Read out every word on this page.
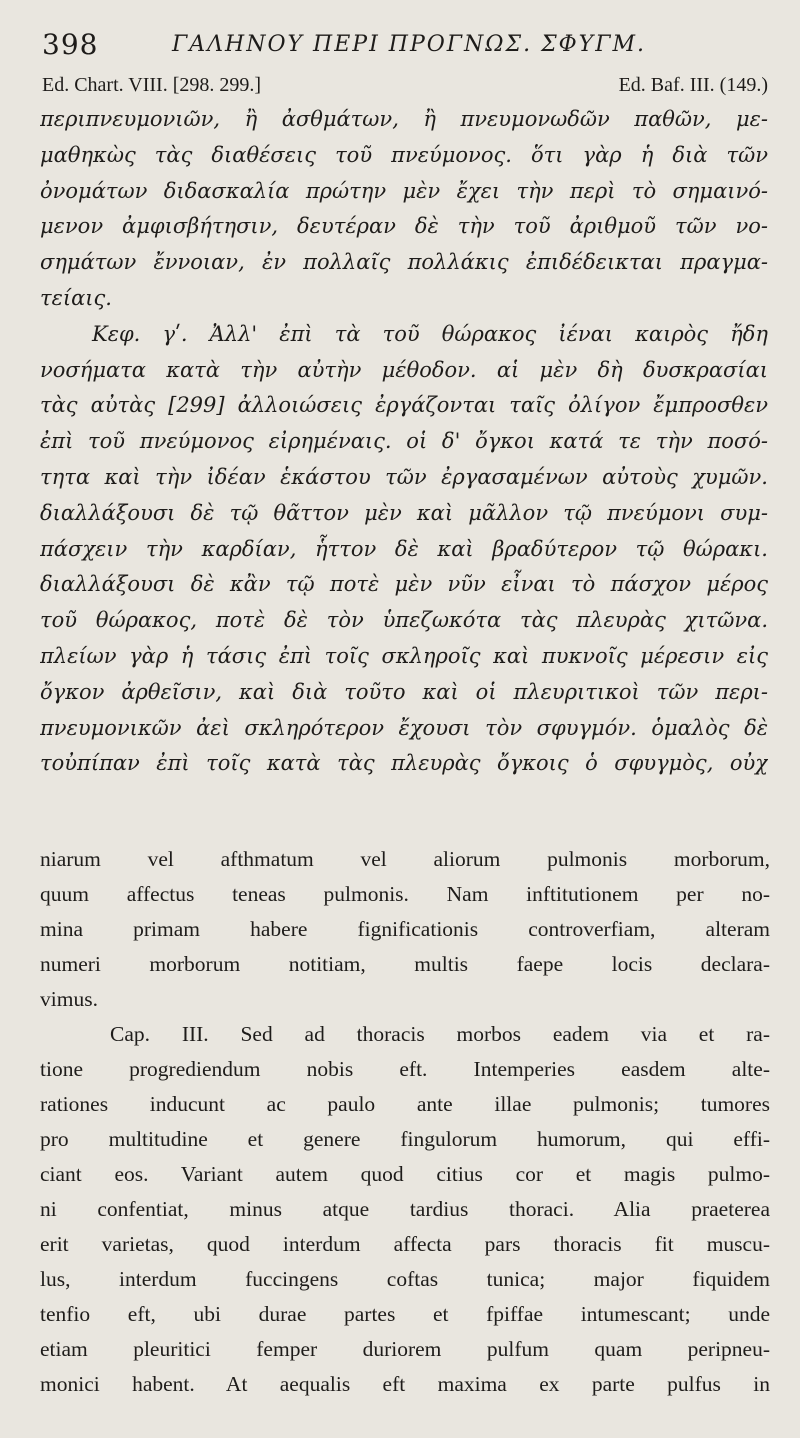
398	ΓΑΛΗΝΟΥ ΠΕΡΙ ΠΡΟΓΝΩΣ. ΣΦΥΓΜ.
Ed. Chart. VIII. [298. 299.]	Ed. Baf. III. (149.)
περιπνευμονιῶν, ἢ ἀσθμάτων, ἢ πνευμονωδῶν παθῶν, με-
μαθηκὼς τὰς διαθέσεις τοῦ πνεύμονος. ὅτι γὰρ ἡ διὰ τῶν
ὀνομάτων διδασκαλία πρώτην μὲν ἔχει τὴν περὶ τὸ σημαινό-
μενον ἀμφισβήτησιν, δευτέραν δὲ τὴν τοῦ ἀριθμοῦ τῶν νο-
σημάτων ἔννοιαν, ἐν πολλαῖς πολλάκις ἐπιδέδεικται πραγμα-
τείαις.
Κεφ. γʹ. Ἀλλ' ἐπὶ τὰ τοῦ θώρακος ἰέναι καιρὸς ἤδη
νοσήματα κατὰ τὴν αὐτὴν μέθοδον. αἱ μὲν δὴ δυσκρασίαι
τὰς αὐτὰς [299] ἀλλοιώσεις ἐργάζονται ταῖς ὀλίγον ἔμπροσθεν
ἐπὶ τοῦ πνεύμονος εἰρημέναις. οἱ δ' ὄγκοι κατά τε τὴν ποσό-
τητα καὶ τὴν ἰδέαν ἑκάστου τῶν ἐργασαμένων αὐτοὺς χυμῶν.
διαλλάξουσι δὲ τῷ θᾶττον μὲν καὶ μᾶλλον τῷ πνεύμονι συμ-
πάσχειν τὴν καρδίαν, ἧττον δὲ καὶ βραδύτερον τῷ θώρακι.
διαλλάξουσι δὲ κἂν τῷ ποτὲ μὲν νῦν εἶναι τὸ πάσχον μέρος
τοῦ θώρακος, ποτὲ δὲ τὸν ὑπεζωκότα τὰς πλευρὰς χιτῶνα.
πλείων γὰρ ἡ τάσις ἐπὶ τοῖς σκληροῖς καὶ πυκνοῖς μέρεσιν εἰς
ὄγκον ἀρθεῖσιν, καὶ διὰ τοῦτο καὶ οἱ πλευριτικοὶ τῶν περι-
πνευμονικῶν ἀεὶ σκληρότερον ἔχουσι τὸν σφυγμόν. ὁμαλὸς δὲ
τοὐπίπαν ἐπὶ τοῖς κατὰ τὰς πλευρὰς ὄγκοις ὁ σφυγμὸς, οὐχ
niarum vel afthmatum vel aliorum pulmonis morborum,
quum affectus teneas pulmonis. Nam inftitutionem per no-
mina primam habere fignificationis controverfiam, alteram
numeri morborum notitiam, multis faepe locis declara-
vimus.
Cap. III. Sed ad thoracis morbos eadem via et ra-
tione progrediendum nobis eft. Intemperies easdem alte-
rationes inducunt ac paulo ante illae pulmonis; tumores
pro multitudine et genere fingulorum humorum, qui effi-
ciant eos. Variant autem quod citius cor et magis pulmo-
ni confentiat, minus atque tardius thoraci. Alia praeterea
erit varietas, quod interdum affecta pars thoracis fit muscu-
lus, interdum fuccingens coftas tunica; major fiquidem
tenfio eft, ubi durae partes et fpiffae intumescant; unde
etiam pleuritici femper duriorem pulfum quam peripneu-
monici habent. At aequalis eft maxima ex parte pulfus in
